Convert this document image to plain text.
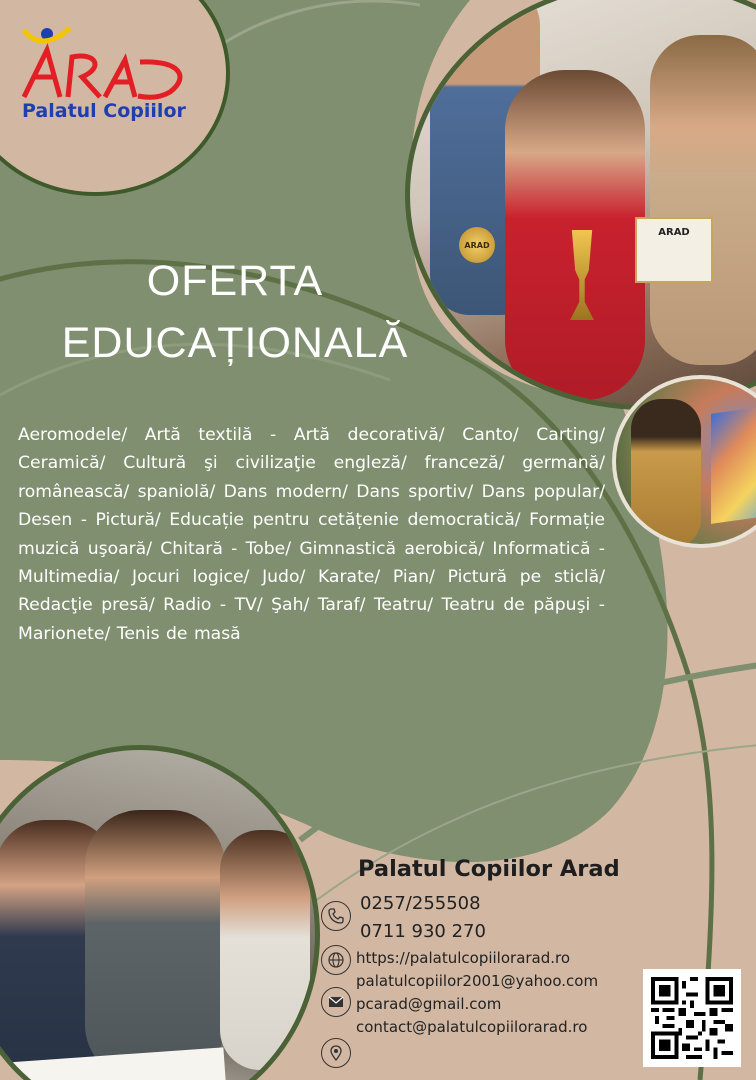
ARAD
ARAD
Palatul Copiilor
OFERTA
EDUCAȚIONALĂ
Aeromodele/ Artă textilă - Artă decorativă/ Canto/ Carting/ Ceramică/ Cultură şi civilizaţie engleză/ franceză/ germană/ românească/ spaniolă/ Dans modern/ Dans sportiv/ Dans popular/ Desen - Pictură/ Educație pentru cetățenie democratică/ Formație muzică uşoară/ Chitară - Tobe/ Gimnastică aerobică/ Informatică - Multimedia/ Jocuri logice/ Judo/ Karate/ Pian/ Pictură pe sticlă/ Redacţie presă/ Radio - TV/ Şah/ Taraf/ Teatru/ Teatru de păpuşi - Marionete/ Tenis de masă
Palatul Copiilor Arad
0257/255508
0711 930 270
https://palatulcopiilorarad.ro
palatulcopiilor2001@yahoo.com
pcarad@gmail.com
contact@palatulcopiilorarad.ro
